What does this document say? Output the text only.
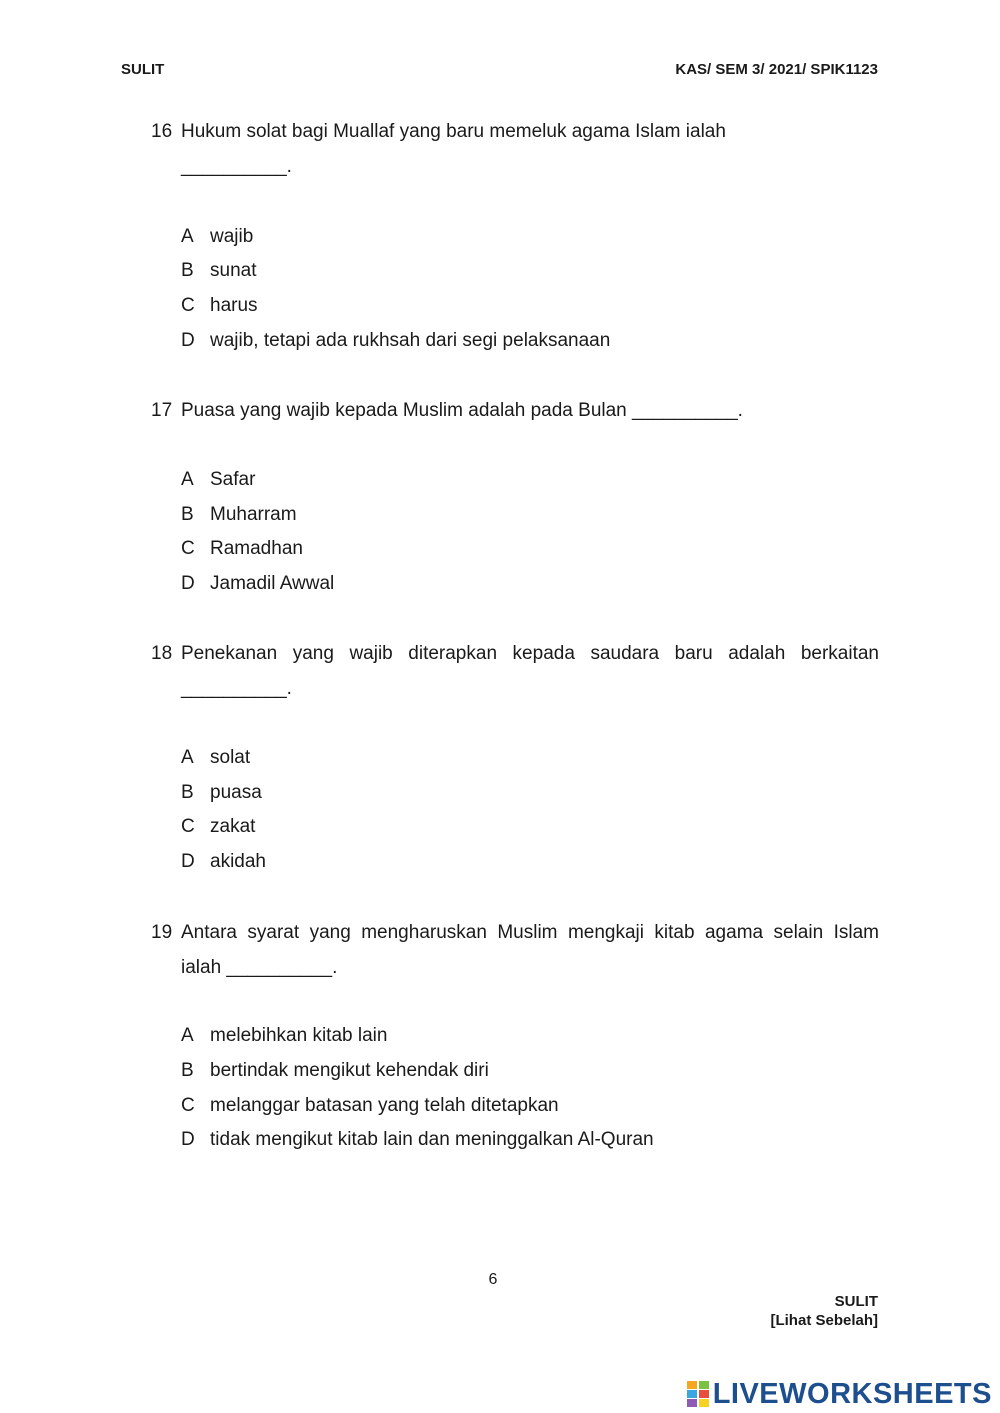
SULIT	KAS/ SEM 3/ 2021/ SPIK1123
16 Hukum solat bagi Muallaf yang baru memeluk agama Islam ialah
__________.
A wajib
B sunat
C harus
D wajib, tetapi ada rukhsah dari segi pelaksanaan
17 Puasa yang wajib kepada Muslim adalah pada Bulan __________.
A Safar
B Muharram
C Ramadhan
D Jamadil Awwal
18 Penekanan yang wajib diterapkan kepada saudara baru adalah berkaitan
__________.
A solat
B puasa
C zakat
D akidah
19 Antara syarat yang mengharuskan Muslim mengkaji kitab agama selain Islam
ialah __________.
A melebihkan kitab lain
B bertindak mengikut kehendak diri
C melanggar batasan yang telah ditetapkan
D tidak mengikut kitab lain dan meninggalkan Al-Quran
6
SULIT
[Lihat Sebelah]
LIVEWORKSHEETS
